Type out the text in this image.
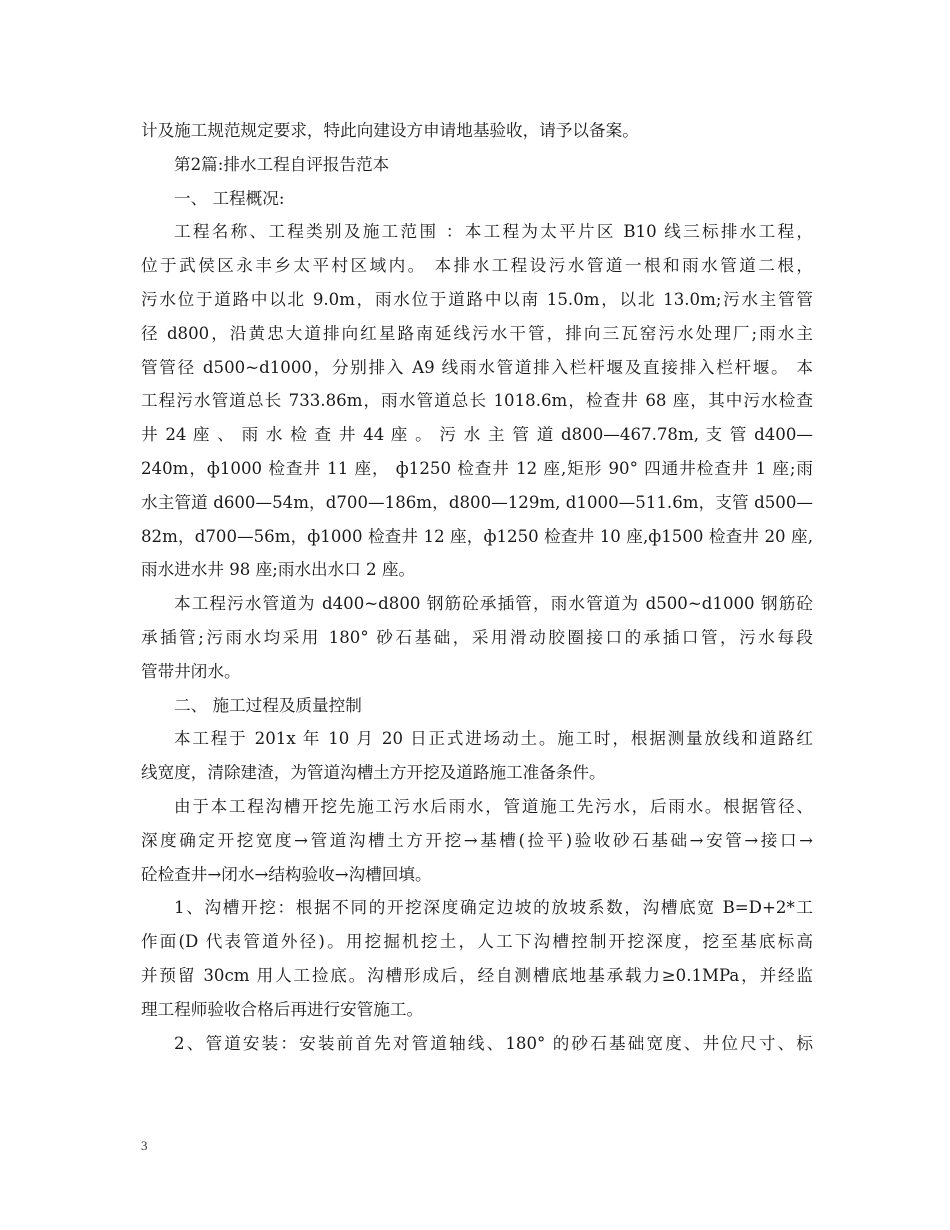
计及施工规范规定要求，特此向建设方申请地基验收，请予以备案。
第2篇:排水工程自评报告范本
一、 工程概况:
工程名称、工程类别及施工范围 ：本工程为太平片区 B10 线三标排水工程，
位于武侯区永丰乡太平村区域内。 本排水工程设污水管道一根和雨水管道二根，
污水位于道路中以北 9.0m，雨水位于道路中以南 15.0m，以北 13.0m;污水主管管
径 d800，沿黄忠大道排向红星路南延线污水干管，排向三瓦窑污水处理厂;雨水主
管管径 d500~d1000，分别排入 A9 线雨水管道排入栏杆堰及直接排入栏杆堰。 本
工程污水管道总长 733.86m，雨水管道总长 1018.6m，检查井 68 座，其中污水检查
井 24 座 、 雨 水 检 查 井 44 座 。 污 水 主 管 道 d800—467.78m, 支 管 d400—
240m，ф1000 检查井 11 座， ф1250 检查井 12 座,矩形 90° 四通井检查井 1 座;雨
水主管道 d600—54m，d700—186m，d800—129m, d1000—511.6m，支管 d500—
82m，d700—56m，ф1000 检查井 12 座，ф1250 检查井 10 座,ф1500 检查井 20 座,
雨水进水井 98 座;雨水出水口 2 座。
本工程污水管道为 d400~d800 钢筋砼承插管，雨水管道为 d500~d1000 钢筋砼
承插管;污雨水均采用 180° 砂石基础，采用滑动胶圈接口的承插口管，污水每段
管带井闭水。
二、 施工过程及质量控制
本工程于 201x 年 10 月 20 日正式进场动土。施工时，根据测量放线和道路红
线宽度，清除建渣，为管道沟槽土方开挖及道路施工准备条件。
由于本工程沟槽开挖先施工污水后雨水，管道施工先污水，后雨水。根据管径、
深度确定开挖宽度→管道沟槽土方开挖→基槽(捡平)验收砂石基础→安管→接口→
砼检查井→闭水→结构验收→沟槽回填。
1、沟槽开挖：根据不同的开挖深度确定边坡的放坡系数，沟槽底宽 B=D+2*工
作面(D 代表管道外径)。用挖掘机挖土，人工下沟槽控制开挖深度，挖至基底标高
并预留 30cm 用人工捡底。沟槽形成后，经自测槽底地基承载力≥0.1MPa，并经监
理工程师验收合格后再进行安管施工。
2、管道安装：安装前首先对管道轴线、180° 的砂石基础宽度、井位尺寸、标
3
